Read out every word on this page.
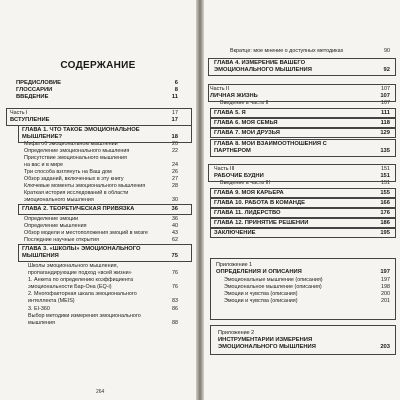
СОДЕРЖАНИЕ
ПРЕДИСЛОВИЕ	6
ГЛОССАРИЙ	8
ВВЕДЕНИЕ	11
Часть I	17
ВСТУПЛЕНИЕ	17
ГЛАВА 1. ЧТО ТАКОЕ ЭМОЦИОНАЛЬНОЕ
МЫШЛЕНИЕ?	18
Мифы об эмоциональном мышлении	20
Определение эмоционального мышления	22
Присутствие эмоционального мышления
на вас и в мире	24
Три способа взглянуть на Ваш дом	26
Обзор заданий, включенных в эту книгу	27
Ключевые моменты эмоционального мышления	28
Краткая история исследований в области
эмоционального мышления	30
ГЛАВА 2. ТЕОРЕТИЧЕСКАЯ ПРИВЯЗКА	36
Определение эмоции	36
Определение мышления	40
Обзор модели и местоположения эмоций в мозге	43
Последние научные открытия	62
ГЛАВА 3. «ШКОЛЫ» ЭМОЦИОНАЛЬНОГО
МЫШЛЕНИЯ	75
Школы эмоционального мышления,
пропагандирующие подход «всей жизни»	76
1. Анкета по определению коэффициента
эмоциональности Бар-Она (EQ-i)	76
2. Многофакторная шкала эмоционального
интеллекта (MEIS)	83
3. EI-360	86
Выбор методики измерения эмоционального
мышления	88
264
Вкратце: мое мнение о доступных методиках	90
ГЛАВА 4. ИЗМЕРЕНИЕ ВАШЕГО
ЭМОЦИОНАЛЬНОГО МЫШЛЕНИЯ	92
Часть II	107
ЛИЧНАЯ ЖИЗНЬ	107
Введение в часть II	107
ГЛАВА 5. Я	111
ГЛАВА 6. МОЯ СЕМЬЯ	118
ГЛАВА 7. МОИ ДРУЗЬЯ	129
ГЛАВА 8. МОИ ВЗАИМООТНОШЕНИЯ С
ПАРТНЕРОМ	135
Часть III	151
РАБОЧИЕ БУДНИ	151
Введение в часть III	151
ГЛАВА 9. МОЯ КАРЬЕРА	155
ГЛАВА 10. РАБОТА В КОМАНДЕ	166
ГЛАВА 11. ЛИДЕРСТВО	176
ГЛАВА 12. ПРИНЯТИЕ РЕШЕНИЙ	186
ЗАКЛЮЧЕНИЕ	195
Приложение 1
ОПРЕДЕЛЕНИЯ И ОПИСАНИЯ	197
Эмоциональные мышление (описания)	197
Эмоциональное мышление (описания)	198
Эмоции и чувства (описания)	200
Эмоции и чувства (описания)	201
Приложение 2
ИНСТРУМЕНТАРИИ ИЗМЕРЕНИЯ
ЭМОЦИОНАЛЬНОГО МЫШЛЕНИЯ	203
